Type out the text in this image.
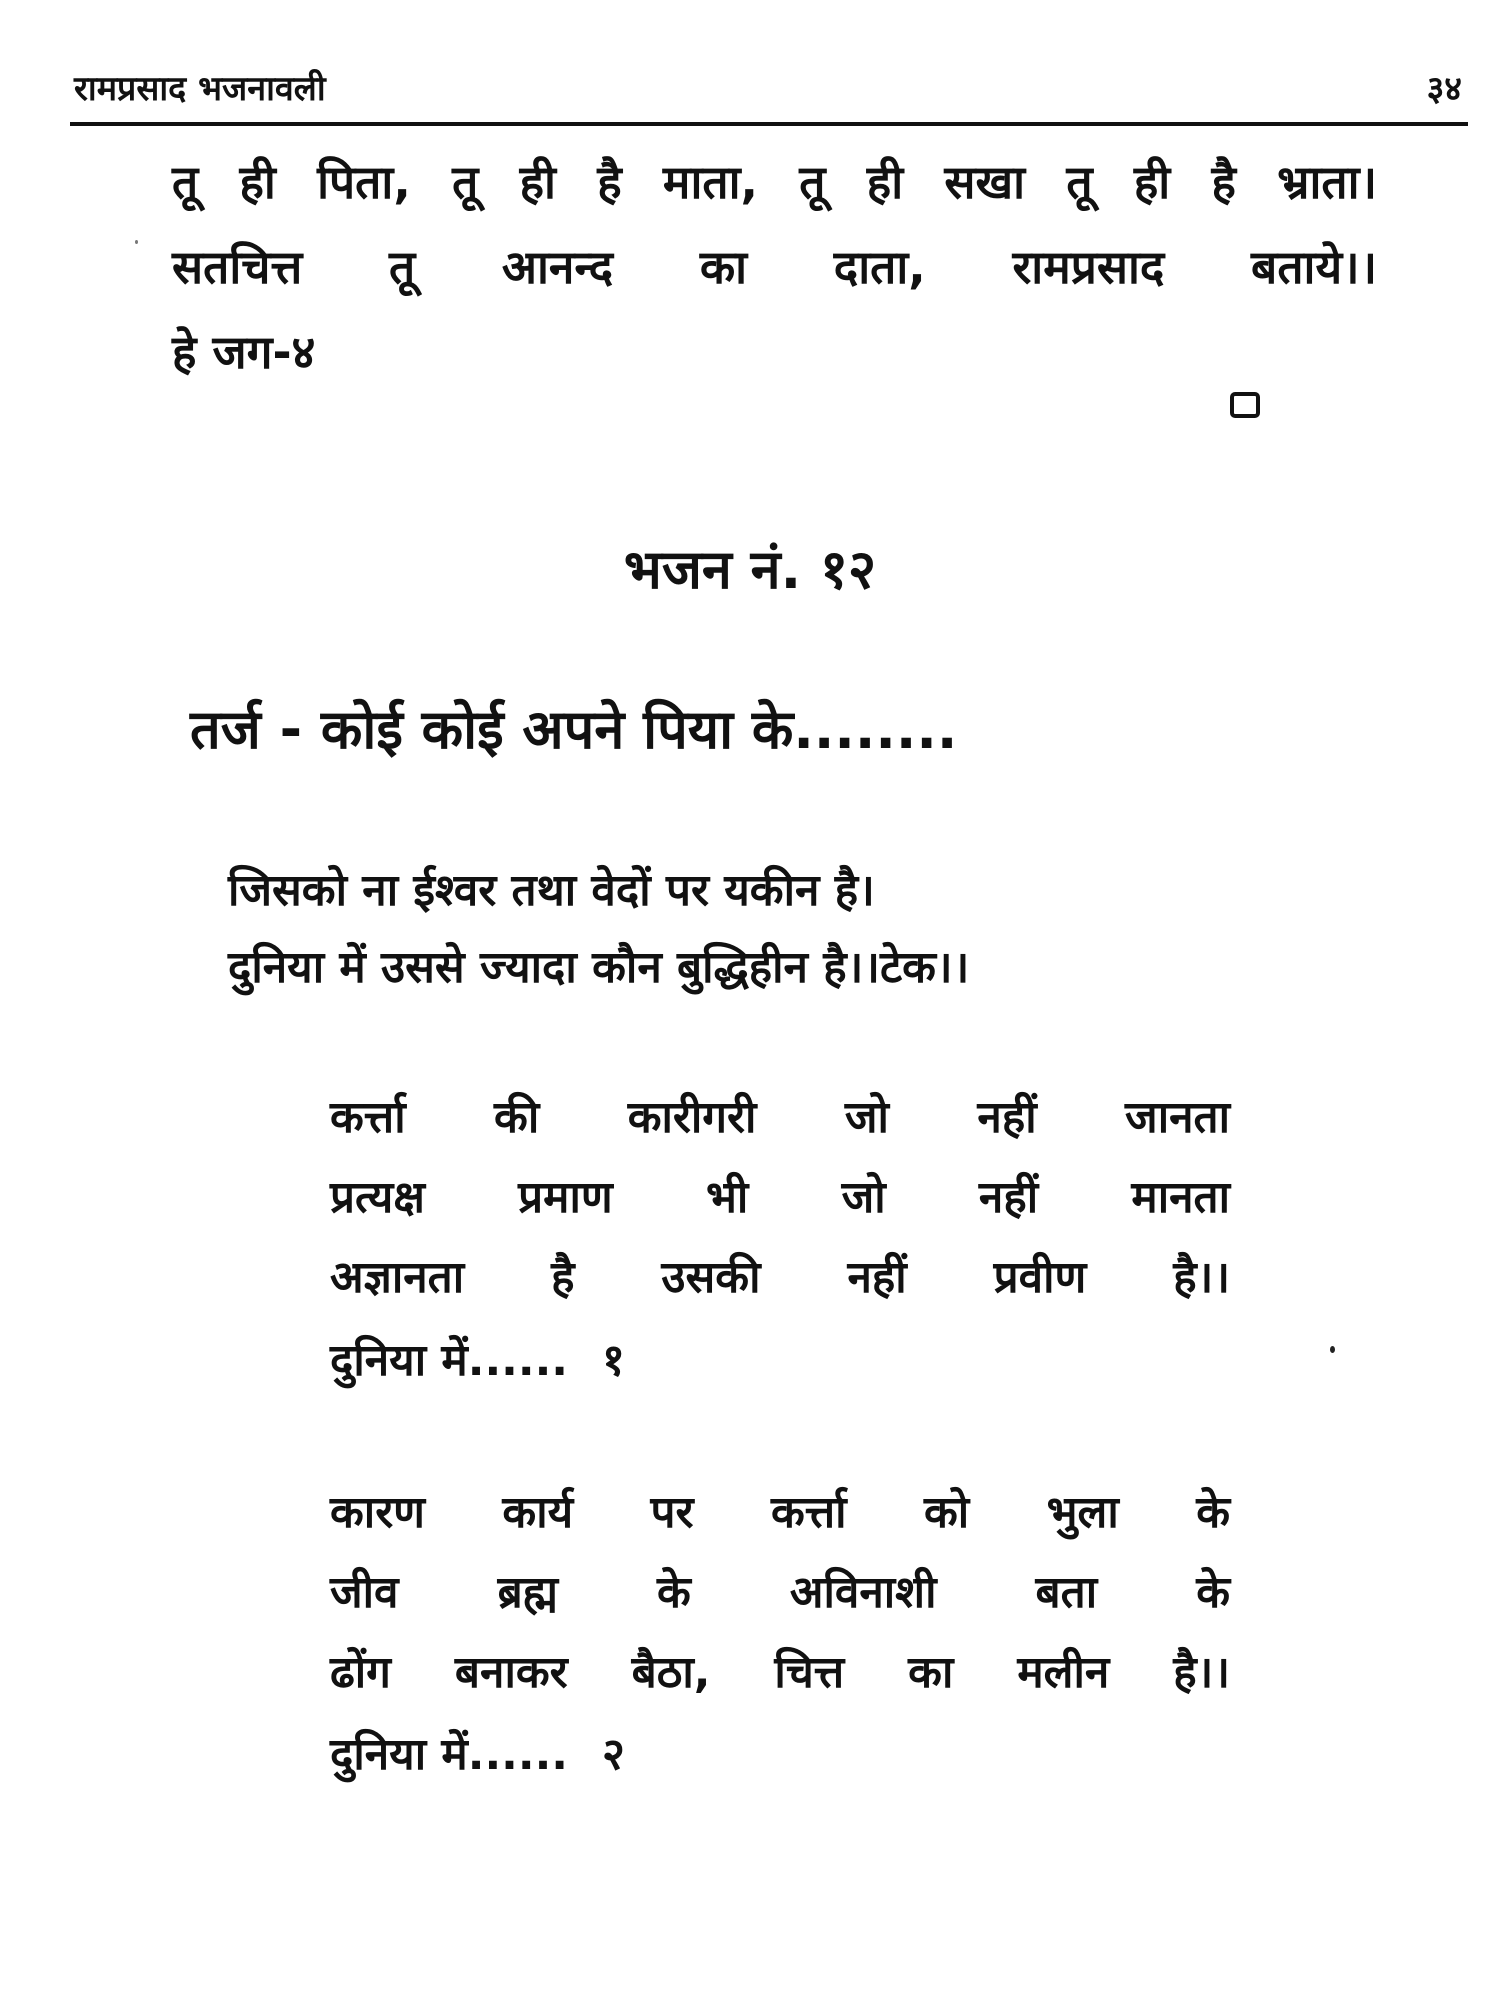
रामप्रसाद भजनावली	३४
तू ही पिता, तू ही है माता, तू ही सखा तू ही है भ्राता।
सतचित्त तू आनन्द का दाता, रामप्रसाद बताये।।
हे जग-४
भजन नं. १२
तर्ज - कोई कोई अपने पिया के........
जिसको ना ईश्वर तथा वेदों पर यकीन है।
दुनिया में उससे ज्यादा कौन बुद्धिहीन है।।टेक।।
कर्त्ता की कारीगरी जो नहीं जानता
प्रत्यक्ष प्रमाण भी जो नहीं मानता
अज्ञानता है उसकी नहीं प्रवीण है।।
दुनिया में...... १
कारण कार्य पर कर्त्ता को भुला के
जीव ब्रह्म के अविनाशी बता के
ढोंग बनाकर बैठा, चित्त का मलीन है।।
दुनिया में...... २
